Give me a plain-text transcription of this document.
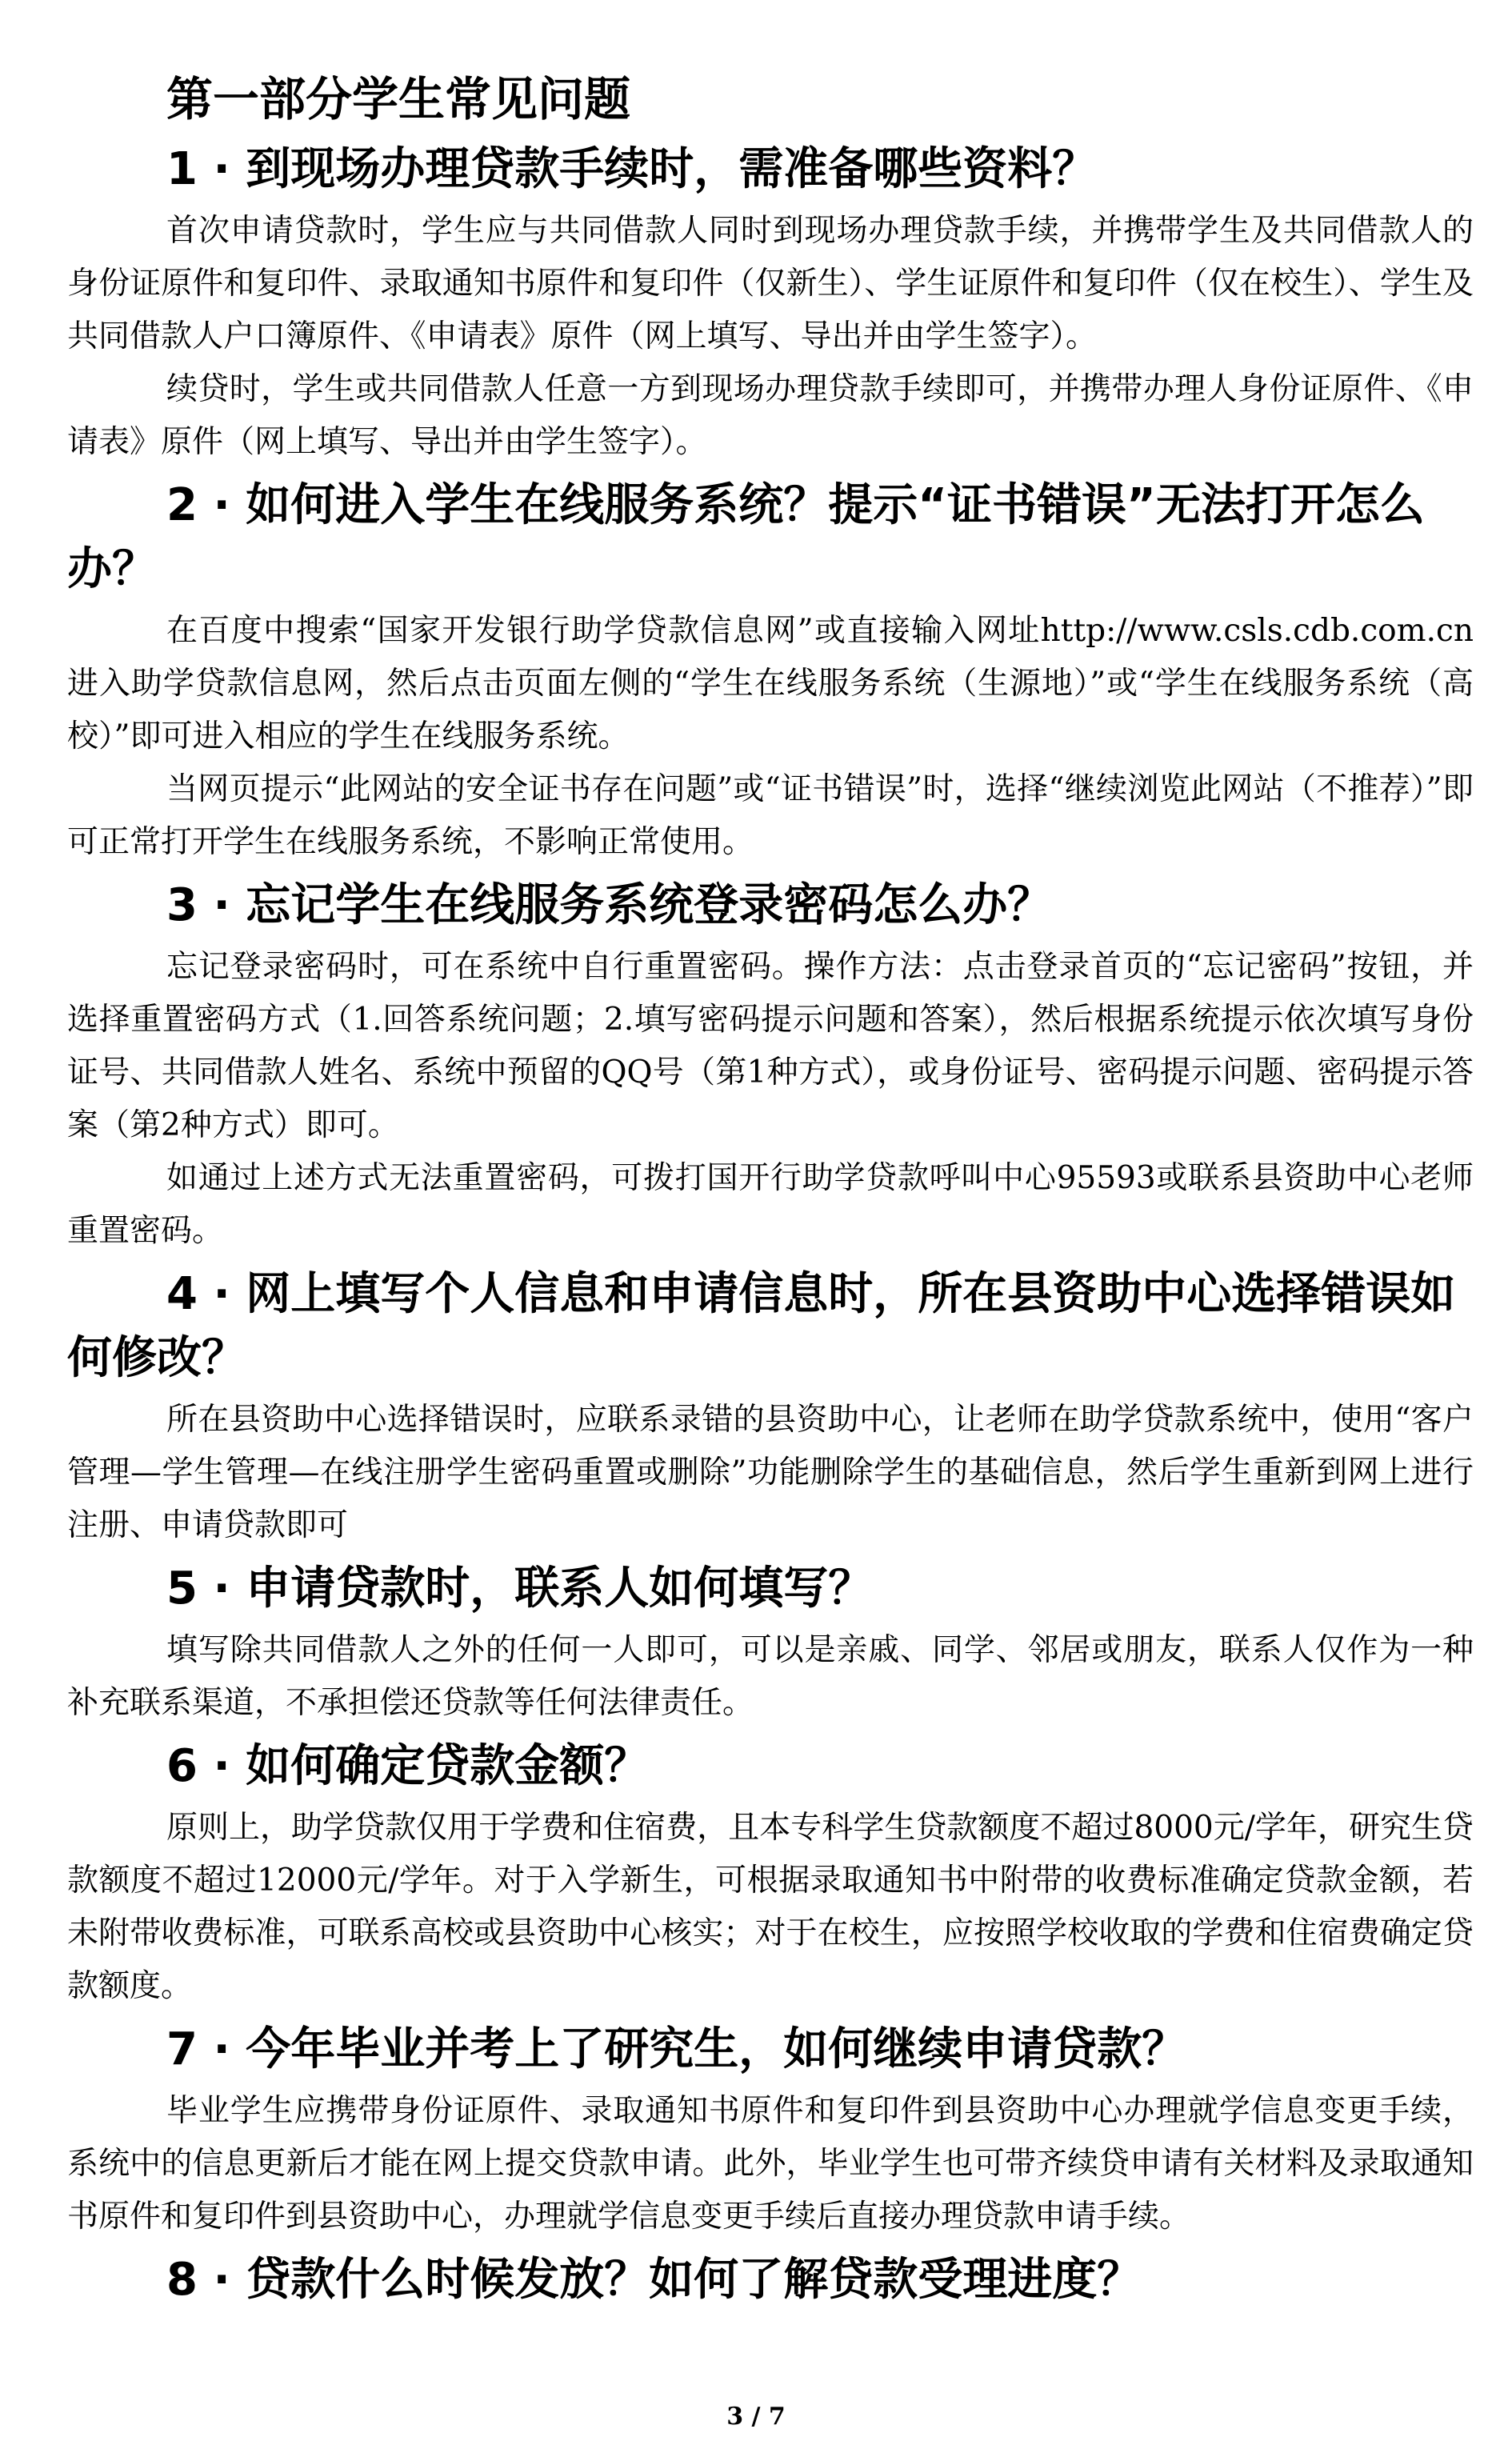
第一部分学生常见问题
1 · 到现场办理贷款手续时，需准备哪些资料？

首次申请贷款时，学生应与共同借款人同时到现场办理贷款手续，并携带学生及共同借款人的身份证原件和复印件、录取通知书原件和复印件（仅新生）、学生证原件和复印件（仅在校生）、学生及共同借款人户口簿原件、《申请表》原件（网上填写、导出并由学生签字）。

续贷时，学生或共同借款人任意一方到现场办理贷款手续即可，并携带办理人身份证原件、《申请表》原件（网上填写、导出并由学生签字）。

2 · 如何进入学生在线服务系统？提示“证书错误”无法打开怎么办？

在百度中搜索“国家开发银行助学贷款信息网”或直接输入网址http://www.csls.cdb.com.cn进入助学贷款信息网，然后点击页面左侧的“学生在线服务系统（生源地）”或“学生在线服务系统（高校）”即可进入相应的学生在线服务系统。

当网页提示“此网站的安全证书存在问题”或“证书错误”时，选择“继续浏览此网站（不推荐）”即可正常打开学生在线服务系统，不影响正常使用。

3 · 忘记学生在线服务系统登录密码怎么办？

忘记登录密码时，可在系统中自行重置密码。操作方法：点击登录首页的“忘记密码”按钮，并选择重置密码方式（1.回答系统问题；2.填写密码提示问题和答案），然后根据系统提示依次填写身份证号、共同借款人姓名、系统中预留的QQ号（第1种方式），或身份证号、密码提示问题、密码提示答案（第2种方式）即可。

如通过上述方式无法重置密码，可拨打国开行助学贷款呼叫中心95593或联系县资助中心老师重置密码。

4 · 网上填写个人信息和申请信息时，所在县资助中心选择错误如何修改？

所在县资助中心选择错误时，应联系录错的县资助中心，让老师在助学贷款系统中，使用“客户管理—学生管理—在线注册学生密码重置或删除”功能删除学生的基础信息，然后学生重新到网上进行注册、申请贷款即可

5 · 申请贷款时，联系人如何填写？

填写除共同借款人之外的任何一人即可，可以是亲戚、同学、邻居或朋友，联系人仅作为一种补充联系渠道，不承担偿还贷款等任何法律责任。

6 · 如何确定贷款金额？

原则上，助学贷款仅用于学费和住宿费，且本专科学生贷款额度不超过8000元/学年，研究生贷款额度不超过12000元/学年。对于入学新生，可根据录取通知书中附带的收费标准确定贷款金额，若未附带收费标准，可联系高校或县资助中心核实；对于在校生，应按照学校收取的学费和住宿费确定贷款额度。

7 · 今年毕业并考上了研究生，如何继续申请贷款？

毕业学生应携带身份证原件、录取通知书原件和复印件到县资助中心办理就学信息变更手续，系统中的信息更新后才能在网上提交贷款申请。此外，毕业学生也可带齐续贷申请有关材料及录取通知书原件和复印件到县资助中心，办理就学信息变更手续后直接办理贷款申请手续。

8 · 贷款什么时候发放？如何了解贷款受理进度？
3 / 7
